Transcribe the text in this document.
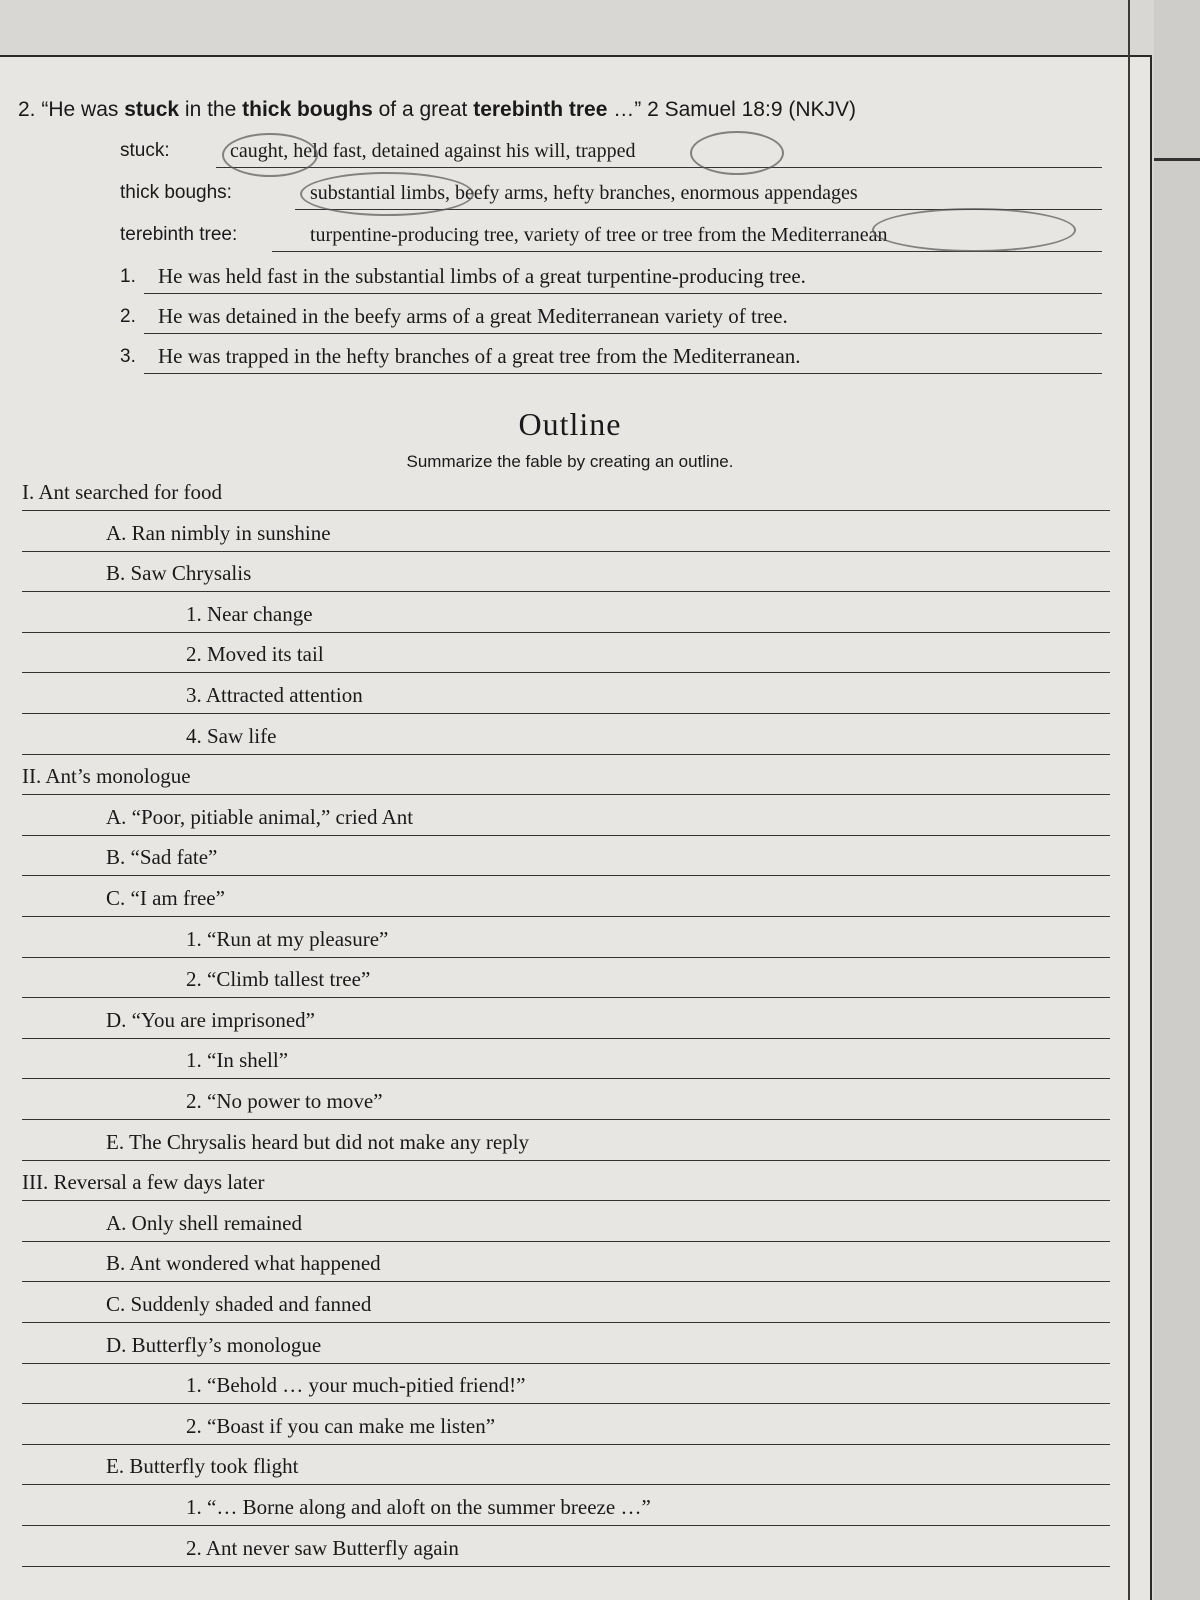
2. “He was stuck in the thick boughs of a great terebinth tree …” 2 Samuel 18:9 (NKJV)
stuck:	caught, held fast, detained against his will, trapped
thick boughs:	substantial limbs, beefy arms, hefty branches, enormous appendages
terebinth tree:	turpentine-producing tree, variety of tree or tree from the Mediterranean
1. He was held fast in the substantial limbs of a great turpentine-producing tree.
2. He was detained in the beefy arms of a great Mediterranean variety of tree.
3. He was trapped in the hefty branches of a great tree from the Mediterranean.
Outline
Summarize the fable by creating an outline.
I. Ant searched for food
A. Ran nimbly in sunshine
B. Saw Chrysalis
1. Near change
2. Moved its tail
3. Attracted attention
4. Saw life
II. Ant’s monologue
A. “Poor, pitiable animal,” cried Ant
B. “Sad fate”
C. “I am free”
1. “Run at my pleasure”
2. “Climb tallest tree”
D. “You are imprisoned”
1. “In shell”
2. “No power to move”
E. The Chrysalis heard but did not make any reply
III. Reversal a few days later
A. Only shell remained
B. Ant wondered what happened
C. Suddenly shaded and fanned
D. Butterfly’s monologue
1. “Behold … your much-pitied friend!”
2. “Boast if you can make me listen”
E. Butterfly took flight
1. “… Borne along and aloft on the summer breeze …”
2. Ant never saw Butterfly again
